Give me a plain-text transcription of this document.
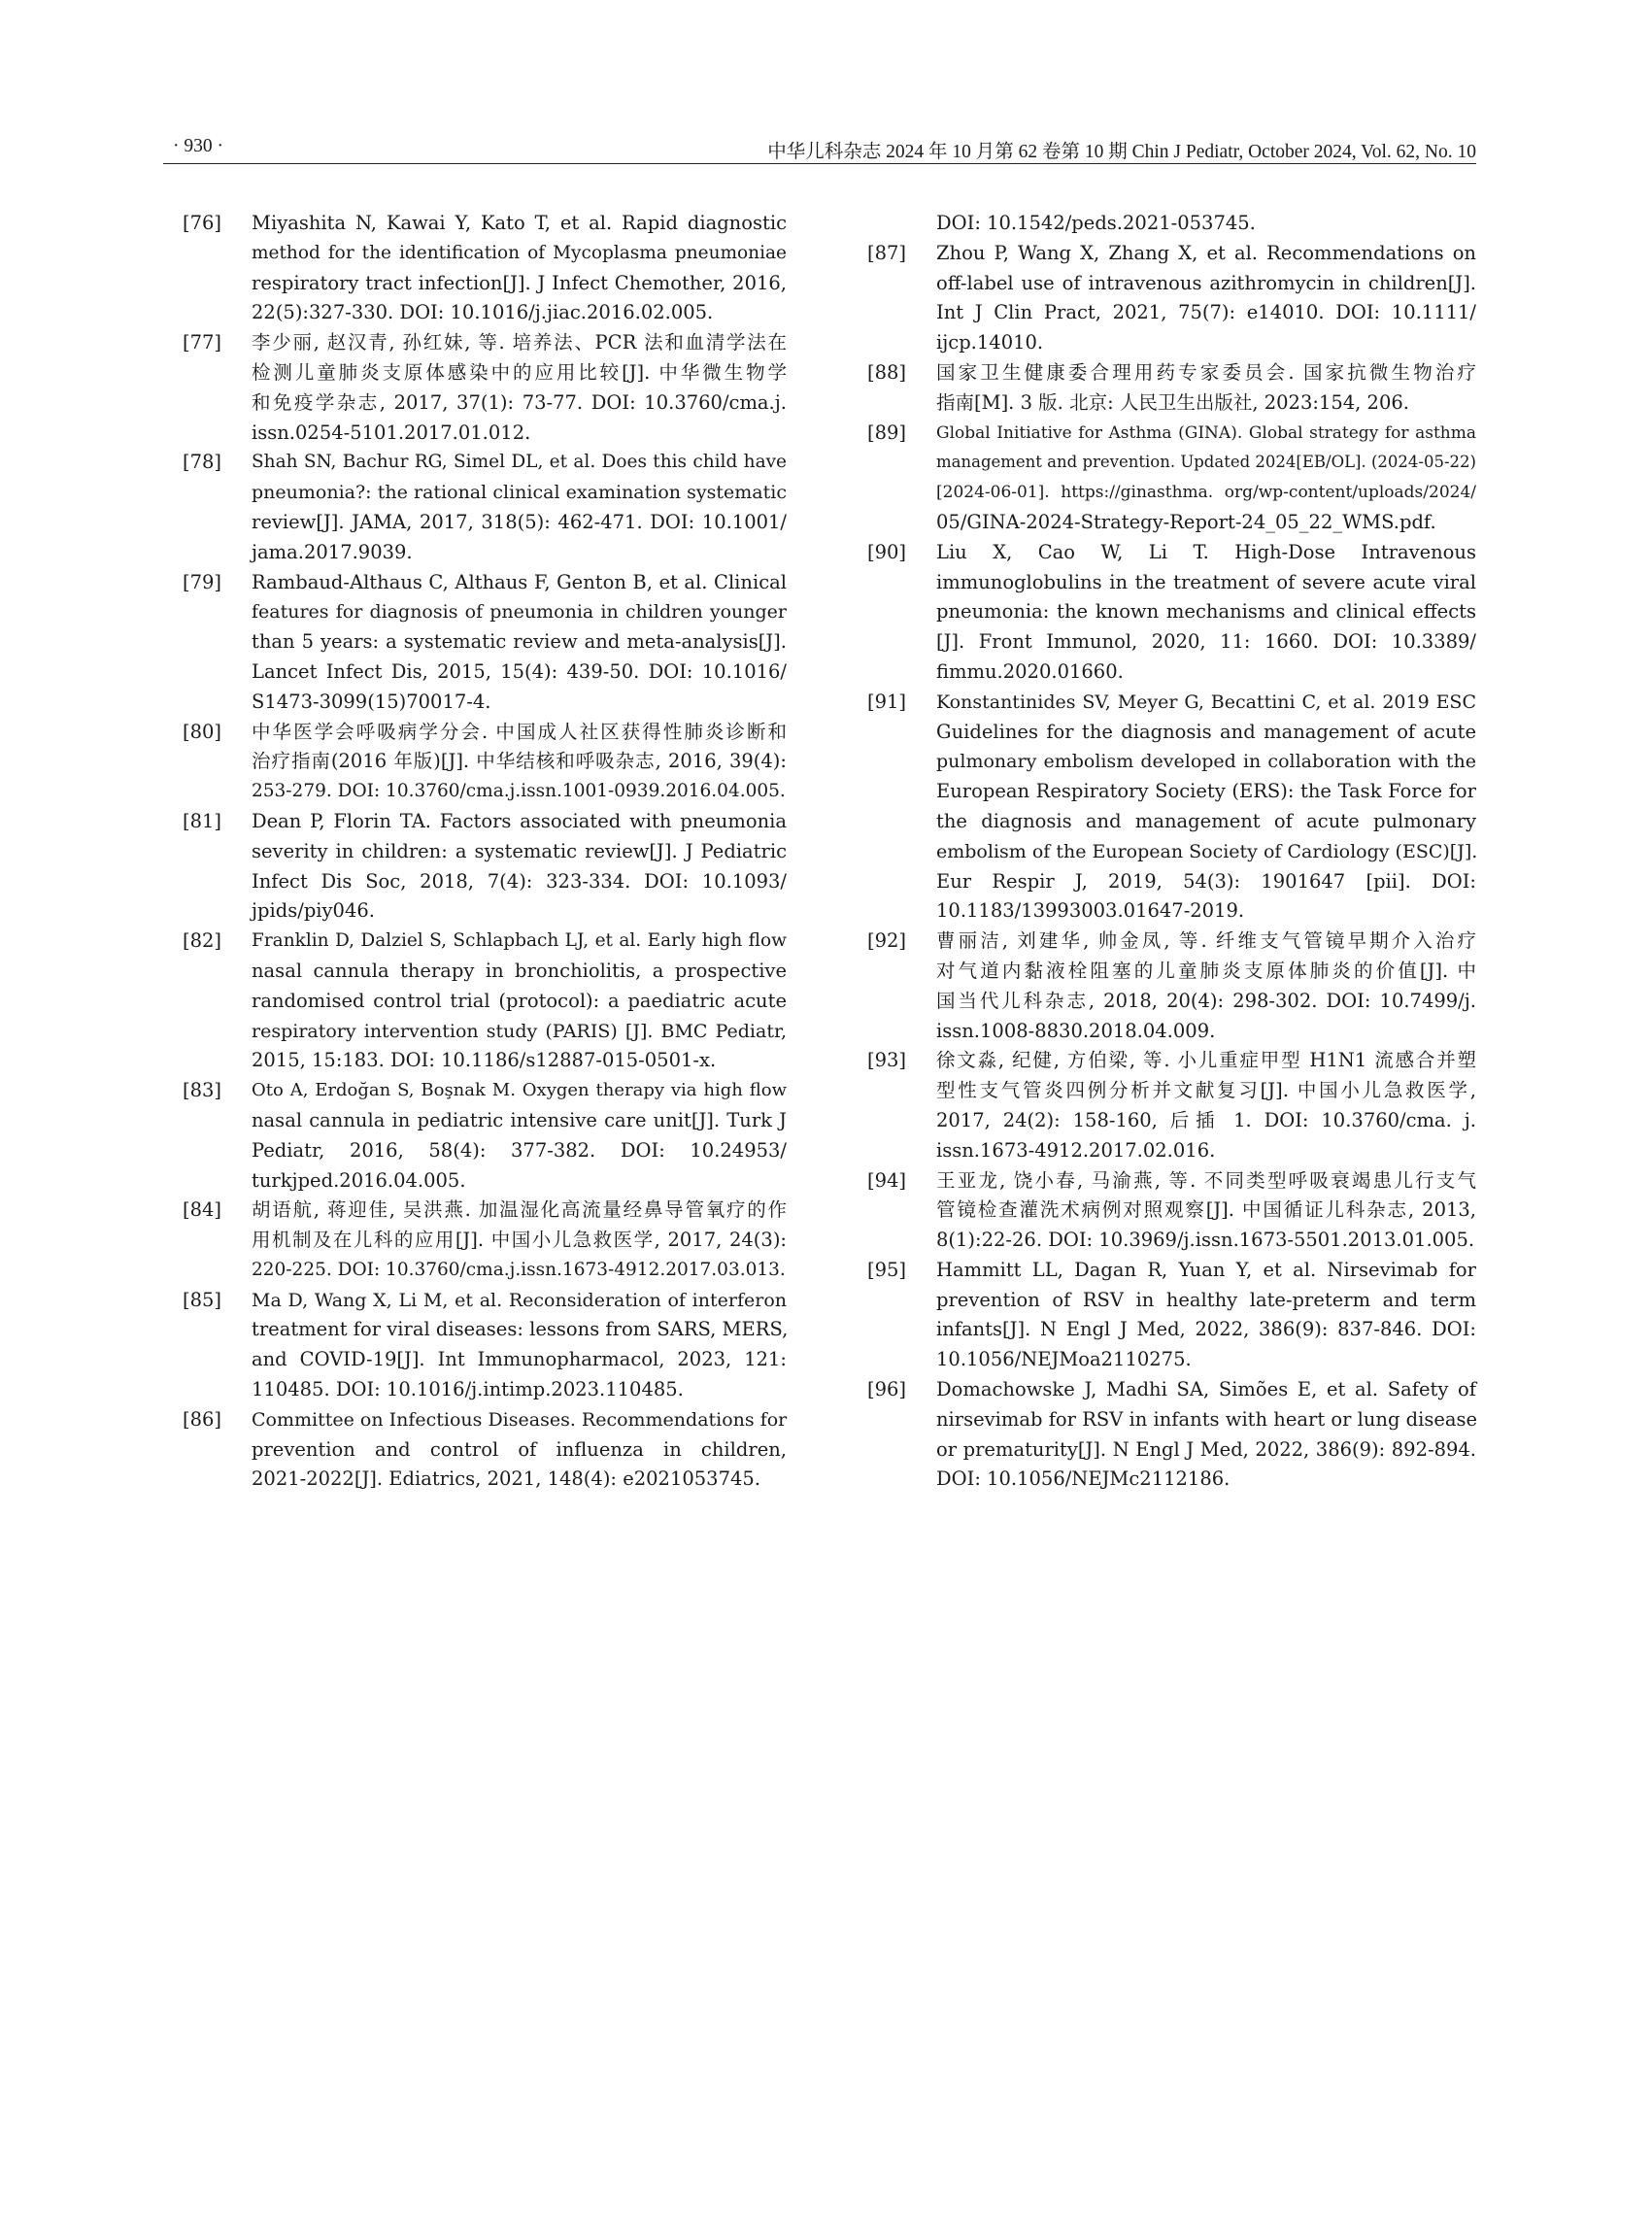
· 930 ·	中华儿科杂志 2024 年 10 月第 62 卷第 10 期 Chin J Pediatr, October 2024, Vol. 62, No. 10
[76] Miyashita N, Kawai Y, Kato T, et al. Rapid diagnostic
method for the identification of Mycoplasma pneumoniae
respiratory tract infection[J]. J Infect Chemother, 2016,
22(5):327-330. DOI: 10.1016/j.jiac.2016.02.005.
[77] 李少丽, 赵汉青, 孙红妹, 等. 培养法、PCR 法和血清学法在
检测儿童肺炎支原体感染中的应用比较[J]. 中华微生物学
和免疫学杂志, 2017, 37(1): 73-77. DOI: 10.3760/cma.j.
issn.0254-5101.2017.01.012.
[78] Shah SN, Bachur RG, Simel DL, et al. Does this child have
pneumonia?: the rational clinical examination systematic
review[J]. JAMA, 2017, 318(5): 462-471. DOI: 10.1001/
jama.2017.9039.
[79] Rambaud-Althaus C, Althaus F, Genton B, et al. Clinical
features for diagnosis of pneumonia in children younger
than 5 years: a systematic review and meta-analysis[J].
Lancet Infect Dis, 2015, 15(4): 439-50. DOI: 10.1016/
S1473-3099(15)70017-4.
[80] 中华医学会呼吸病学分会. 中国成人社区获得性肺炎诊断和
治疗指南(2016 年版)[J]. 中华结核和呼吸杂志, 2016, 39(4):
253-279. DOI: 10.3760/cma.j.issn.1001-0939.2016.04.005.
[81] Dean P, Florin TA. Factors associated with pneumonia
severity in children: a systematic review[J]. J Pediatric
Infect Dis Soc, 2018, 7(4): 323-334. DOI: 10.1093/
jpids/piy046.
[82] Franklin D, Dalziel S, Schlapbach LJ, et al. Early high flow
nasal cannula therapy in bronchiolitis, a prospective
randomised control trial (protocol): a paediatric acute
respiratory intervention study (PARIS) [J]. BMC Pediatr,
2015, 15:183. DOI: 10.1186/s12887-015-0501-x.
[83] Oto A, Erdoğan S, Boşnak M. Oxygen therapy via high flow
nasal cannula in pediatric intensive care unit[J]. Turk J
Pediatr, 2016, 58(4): 377-382. DOI: 10.24953/
turkjped.2016.04.005.
[84] 胡语航, 蒋迎佳, 吴洪燕. 加温湿化高流量经鼻导管氧疗的作
用机制及在儿科的应用[J]. 中国小儿急救医学, 2017, 24(3):
220-225. DOI: 10.3760/cma.j.issn.1673-4912.2017.03.013.
[85] Ma D, Wang X, Li M, et al. Reconsideration of interferon
treatment for viral diseases: lessons from SARS, MERS,
and COVID-19[J]. Int Immunopharmacol, 2023, 121:
110485. DOI: 10.1016/j.intimp.2023.110485.
[86] Committee on Infectious Diseases. Recommendations for
prevention and control of influenza in children,
2021-2022[J]. Ediatrics, 2021, 148(4): e2021053745.
DOI: 10.1542/peds.2021-053745.
[87] Zhou P, Wang X, Zhang X, et al. Recommendations on
off-label use of intravenous azithromycin in children[J].
Int J Clin Pract, 2021, 75(7): e14010. DOI: 10.1111/
ijcp.14010.
[88] 国家卫生健康委合理用药专家委员会. 国家抗微生物治疗
指南[M]. 3 版. 北京: 人民卫生出版社, 2023:154, 206.
[89] Global Initiative for Asthma (GINA). Global strategy for asthma
management and prevention. Updated 2024[EB/OL]. (2024-05-22)
[2024-06-01]. https://ginasthma. org/wp-content/uploads/2024/
05/GINA-2024-Strategy-Report-24_05_22_WMS.pdf.
[90] Liu X, Cao W, Li T. High-Dose Intravenous
immunoglobulins in the treatment of severe acute viral
pneumonia: the known mechanisms and clinical effects
[J]. Front Immunol, 2020, 11: 1660. DOI: 10.3389/
fimmu.2020.01660.
[91] Konstantinides SV, Meyer G, Becattini C, et al. 2019 ESC
Guidelines for the diagnosis and management of acute
pulmonary embolism developed in collaboration with the
European Respiratory Society (ERS): the Task Force for
the diagnosis and management of acute pulmonary
embolism of the European Society of Cardiology (ESC)[J].
Eur Respir J, 2019, 54(3): 1901647 [pii]. DOI:
10.1183/13993003.01647-2019.
[92] 曹丽洁, 刘建华, 帅金凤, 等. 纤维支气管镜早期介入治疗
对气道内黏液栓阻塞的儿童肺炎支原体肺炎的价值[J]. 中
国当代儿科杂志, 2018, 20(4): 298-302. DOI: 10.7499/j.
issn.1008-8830.2018.04.009.
[93] 徐文淼, 纪健, 方伯梁, 等. 小儿重症甲型 H1N1 流感合并塑
型性支气管炎四例分析并文献复习[J]. 中国小儿急救医学,
2017, 24(2): 158-160, 后插 1. DOI: 10.3760/cma. j.
issn.1673-4912.2017.02.016.
[94] 王亚龙, 饶小春, 马渝燕, 等. 不同类型呼吸衰竭患儿行支气
管镜检查灌洗术病例对照观察[J]. 中国循证儿科杂志, 2013,
8(1):22-26. DOI: 10.3969/j.issn.1673-5501.2013.01.005.
[95] Hammitt LL, Dagan R, Yuan Y, et al. Nirsevimab for
prevention of RSV in healthy late-preterm and term
infants[J]. N Engl J Med, 2022, 386(9): 837-846. DOI:
10.1056/NEJMoa2110275.
[96] Domachowske J, Madhi SA, Simões E, et al. Safety of
nirsevimab for RSV in infants with heart or lung disease
or prematurity[J]. N Engl J Med, 2022, 386(9): 892-894.
DOI: 10.1056/NEJMc2112186.
